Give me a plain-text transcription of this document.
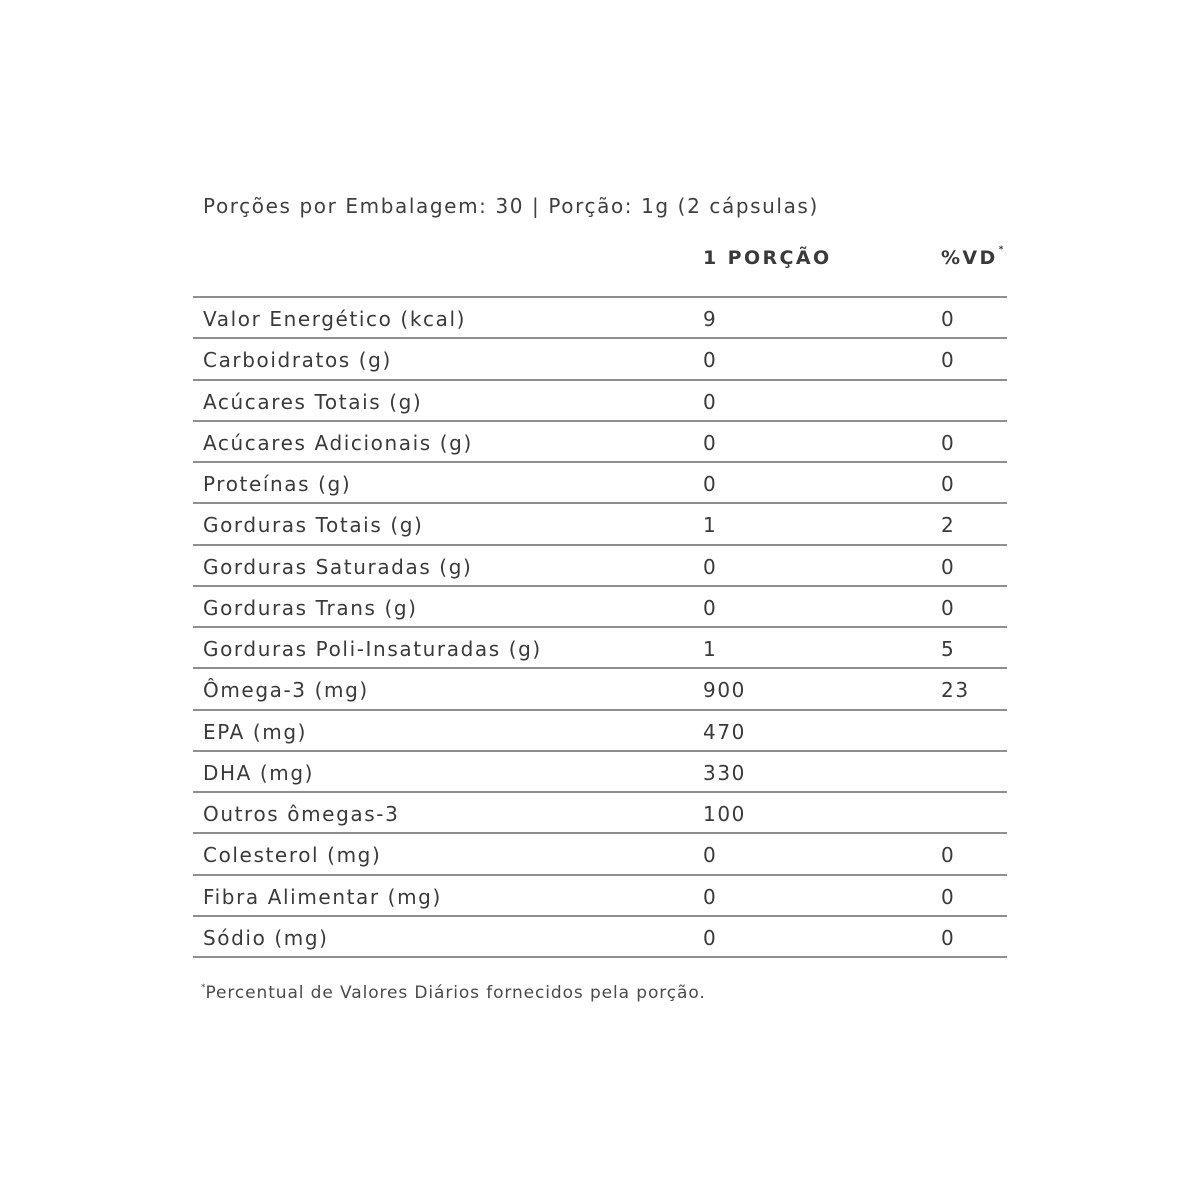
Porções por Embalagem: 30 | Porção: 1g (2 cápsulas)
1 PORÇÃO	%VD*
Valor Energético (kcal)	9	0
Carboidratos (g)	0	0
Acúcares Totais (g)	0
Acúcares Adicionais (g)	0	0
Proteínas (g)	0	0
Gorduras Totais (g)	1	2
Gorduras Saturadas (g)	0	0
Gorduras Trans (g)	0	0
Gorduras Poli-Insaturadas (g)	1	5
Ômega-3 (mg)	900	23
EPA (mg)	470
DHA (mg)	330
Outros ômegas-3	100
Colesterol (mg)	0	0
Fibra Alimentar (mg)	0	0
Sódio (mg)	0	0
*Percentual de Valores Diários fornecidos pela porção.
